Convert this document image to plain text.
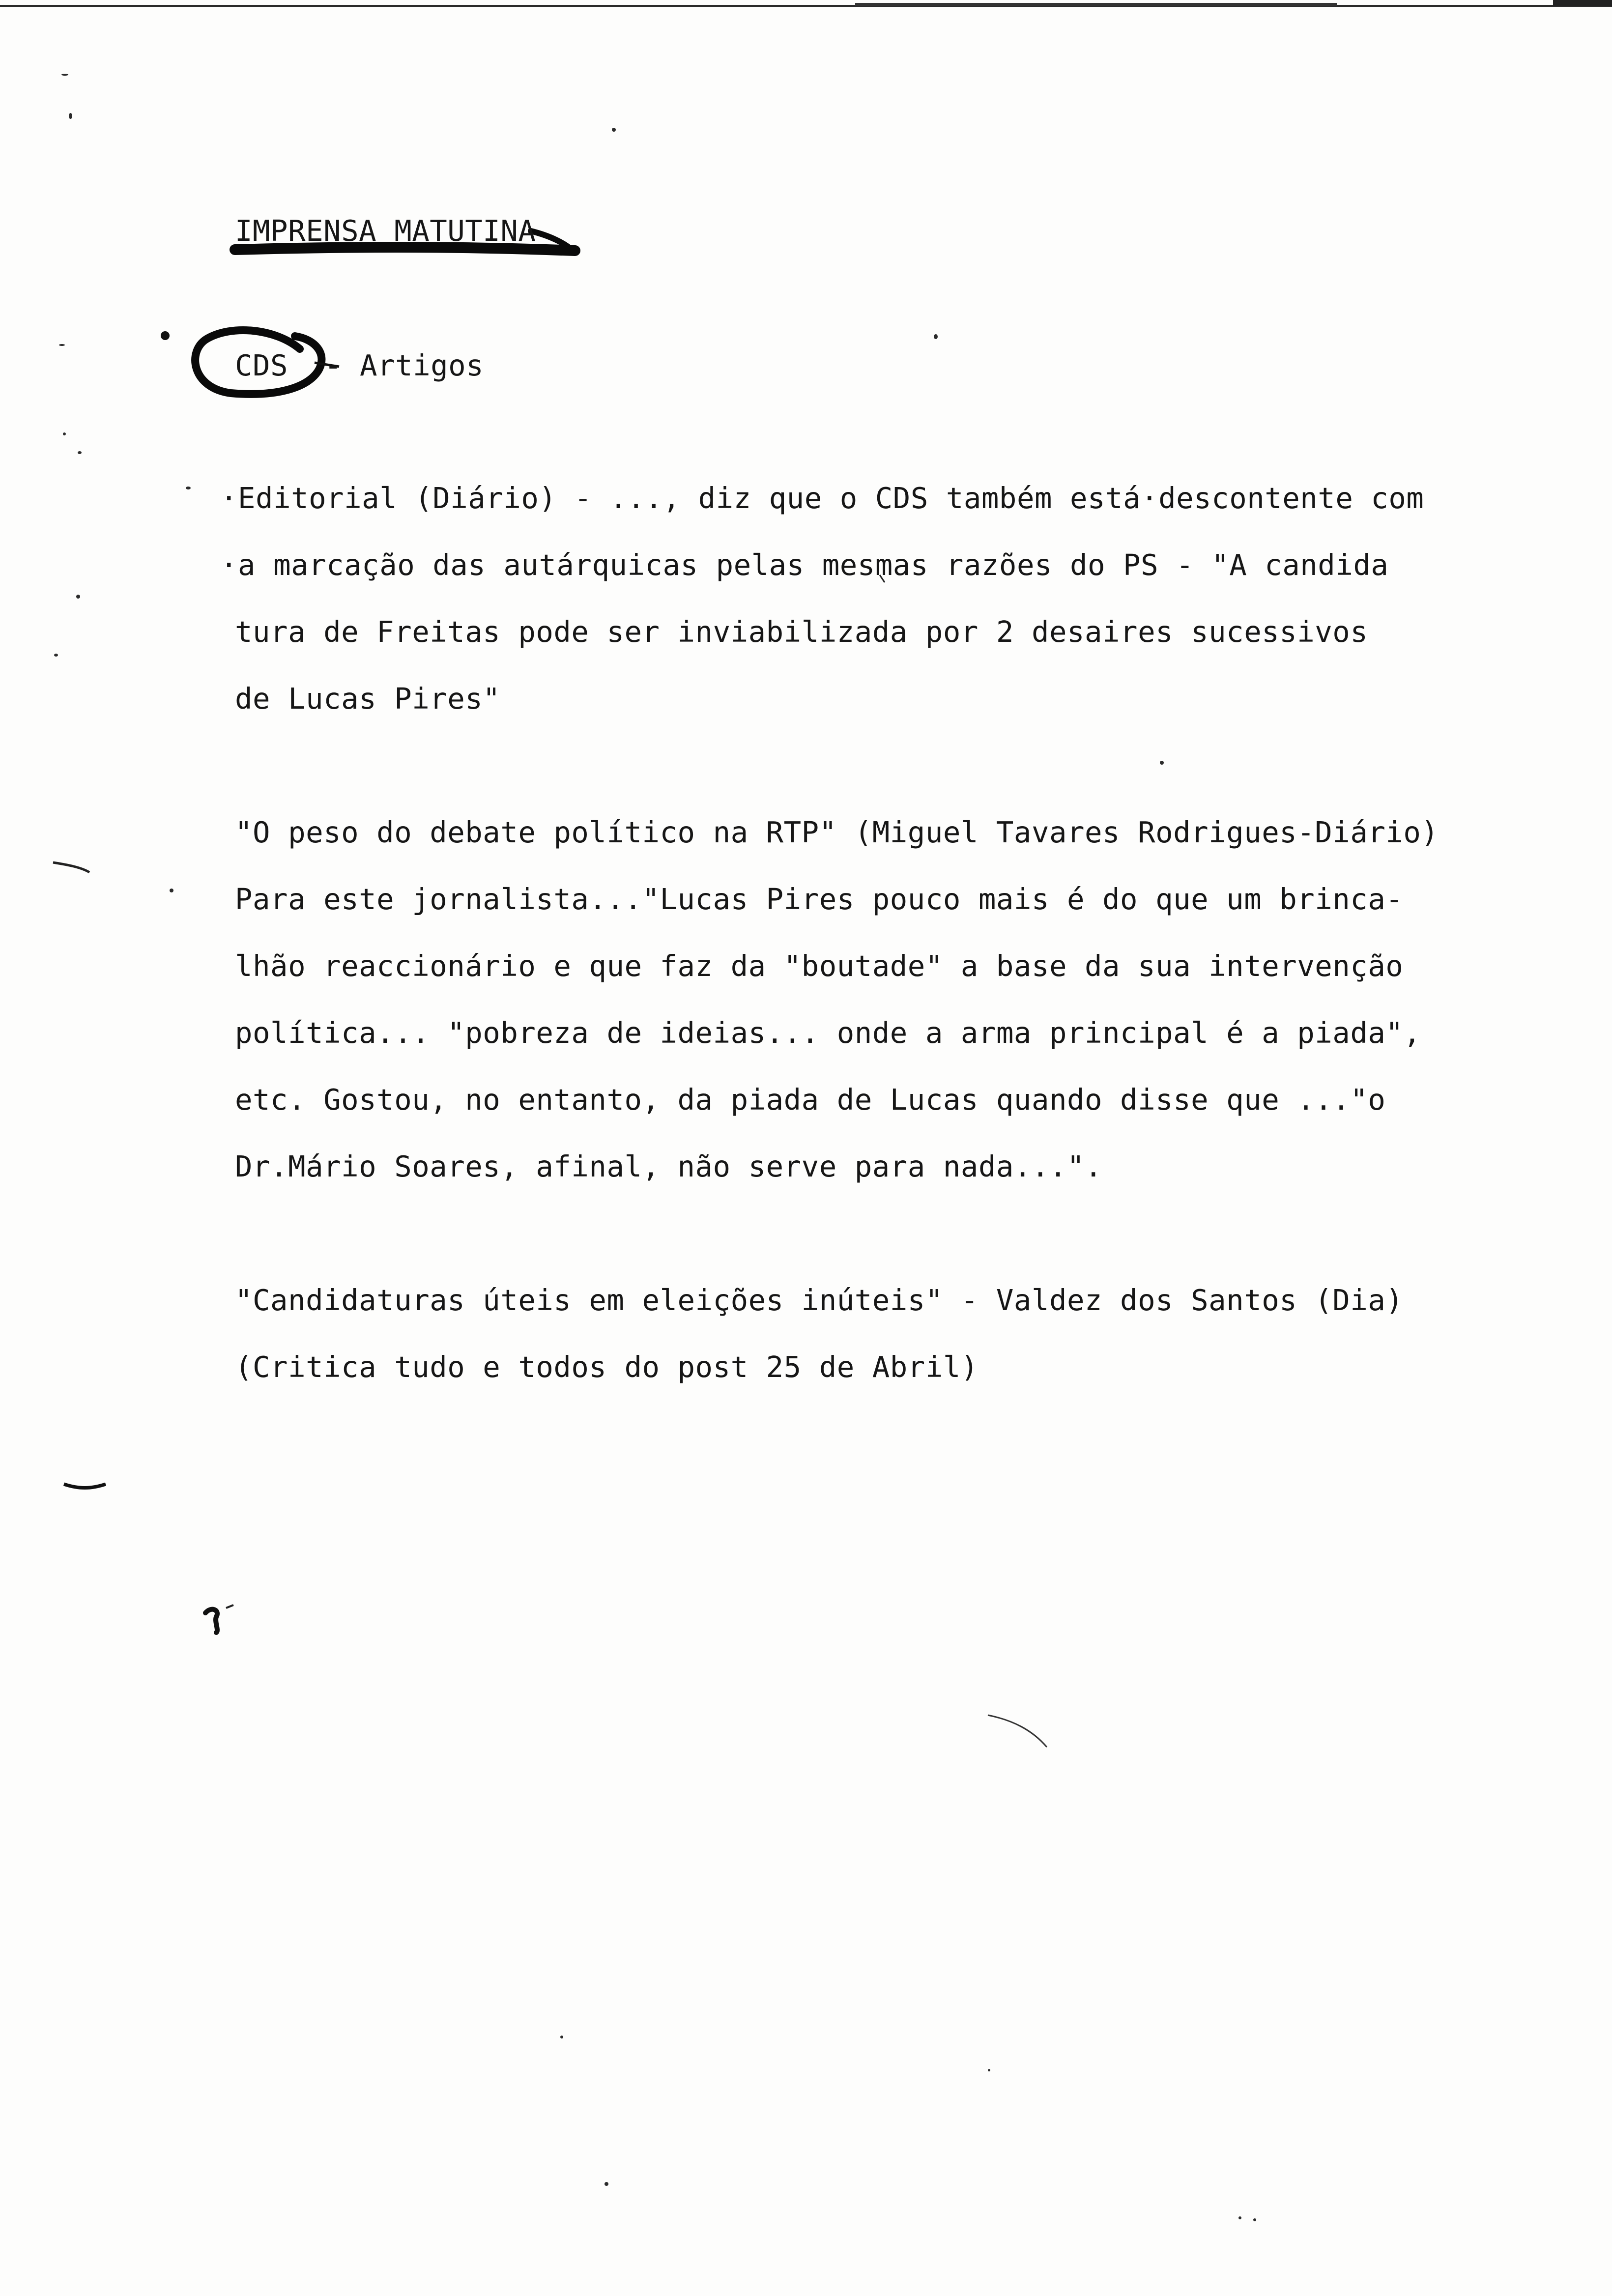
IMPRENSA MATUTINA
CDS - Artigos
·Editorial (Diário) - ..., diz que o CDS também está·descontente com
·a marcação das autárquicas pelas mesmas razões do PS - "A candida
tura de Freitas pode ser inviabilizada por 2 desaires sucessivos
de Lucas Pires"
"O peso do debate político na RTP" (Miguel Tavares Rodrigues-Diário)
Para este jornalista..."Lucas Pires pouco mais é do que um brinca-
lhão reaccionário e que faz da "boutade" a base da sua intervenção
política... "pobreza de ideias... onde a arma principal é a piada",
etc. Gostou, no entanto, da piada de Lucas quando disse que ..."o
Dr.Mário Soares, afinal, não serve para nada...".
"Candidaturas úteis em eleições inúteis" - Valdez dos Santos (Dia)
(Critica tudo e todos do post 25 de Abril)
